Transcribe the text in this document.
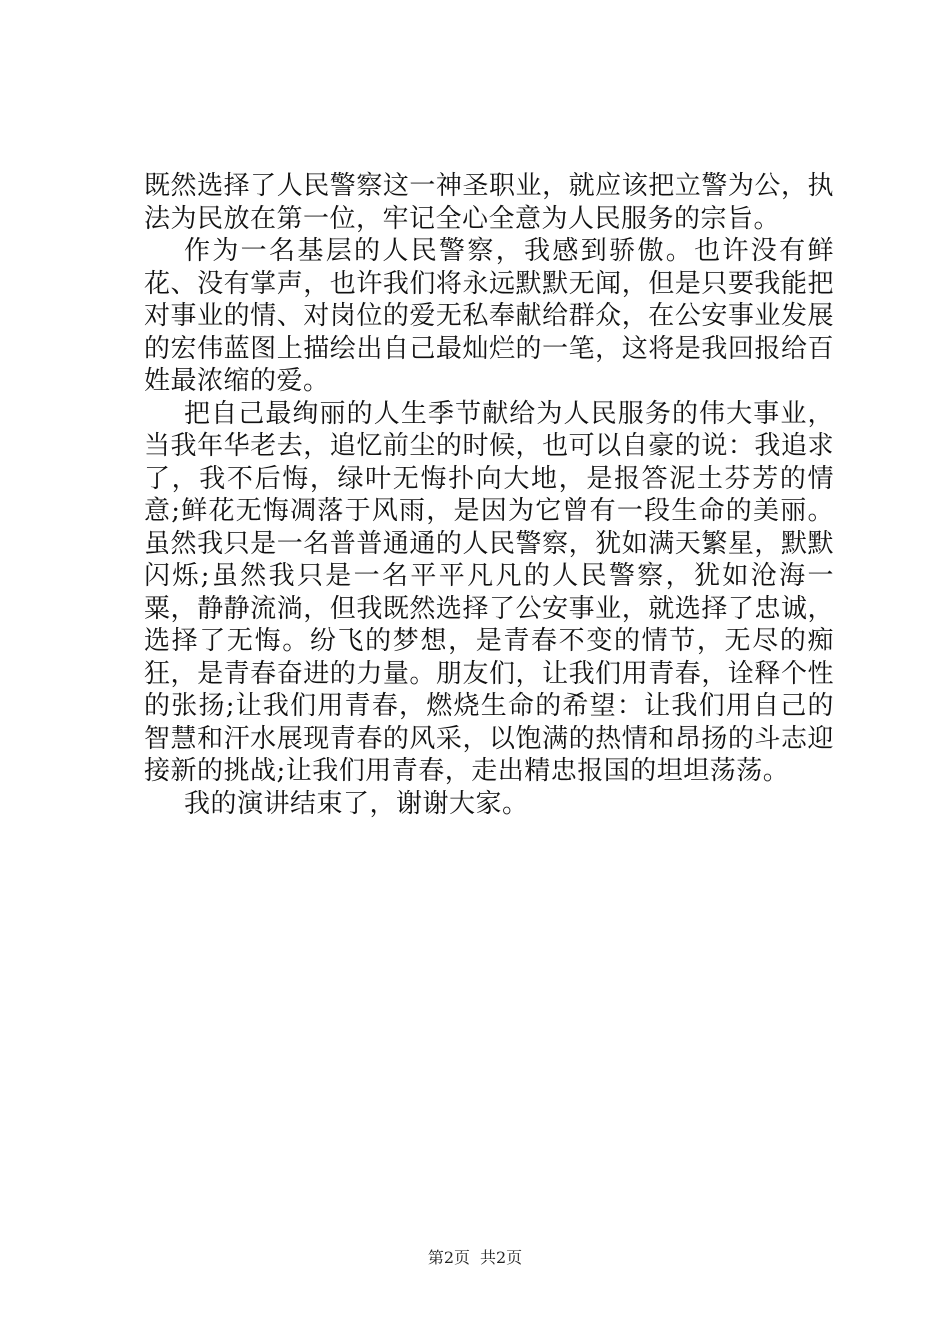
既然选择了人民警察这一神圣职业，就应该把立警为公，执法为民放在第一位，牢记全心全意为人民服务的宗旨。

作为一名基层的人民警察，我感到骄傲。也许没有鲜花、没有掌声，也许我们将永远默默无闻，但是只要我能把对事业的情、对岗位的爱无私奉献给群众，在公安事业发展的宏伟蓝图上描绘出自己最灿烂的一笔，这将是我回报给百姓最浓缩的爱。

把自己最绚丽的人生季节献给为人民服务的伟大事业，当我年华老去，追忆前尘的时候，也可以自豪的说：我追求了，我不后悔，绿叶无悔扑向大地，是报答泥土芬芳的情意;鲜花无悔凋落于风雨，是因为它曾有一段生命的美丽。虽然我只是一名普普通通的人民警察，犹如满天繁星，默默闪烁;虽然我只是一名平平凡凡的人民警察，犹如沧海一粟，静静流淌，但我既然选择了公安事业，就选择了忠诚，选择了无悔。纷飞的梦想，是青春不变的情节，无尽的痴狂，是青春奋进的力量。朋友们，让我们用青春，诠释个性的张扬;让我们用青春，燃烧生命的希望：让我们用自己的智慧和汗水展现青春的风采，以饱满的热情和昂扬的斗志迎接新的挑战;让我们用青春，走出精忠报国的坦坦荡荡。

我的演讲结束了，谢谢大家。

第2页 共2页
